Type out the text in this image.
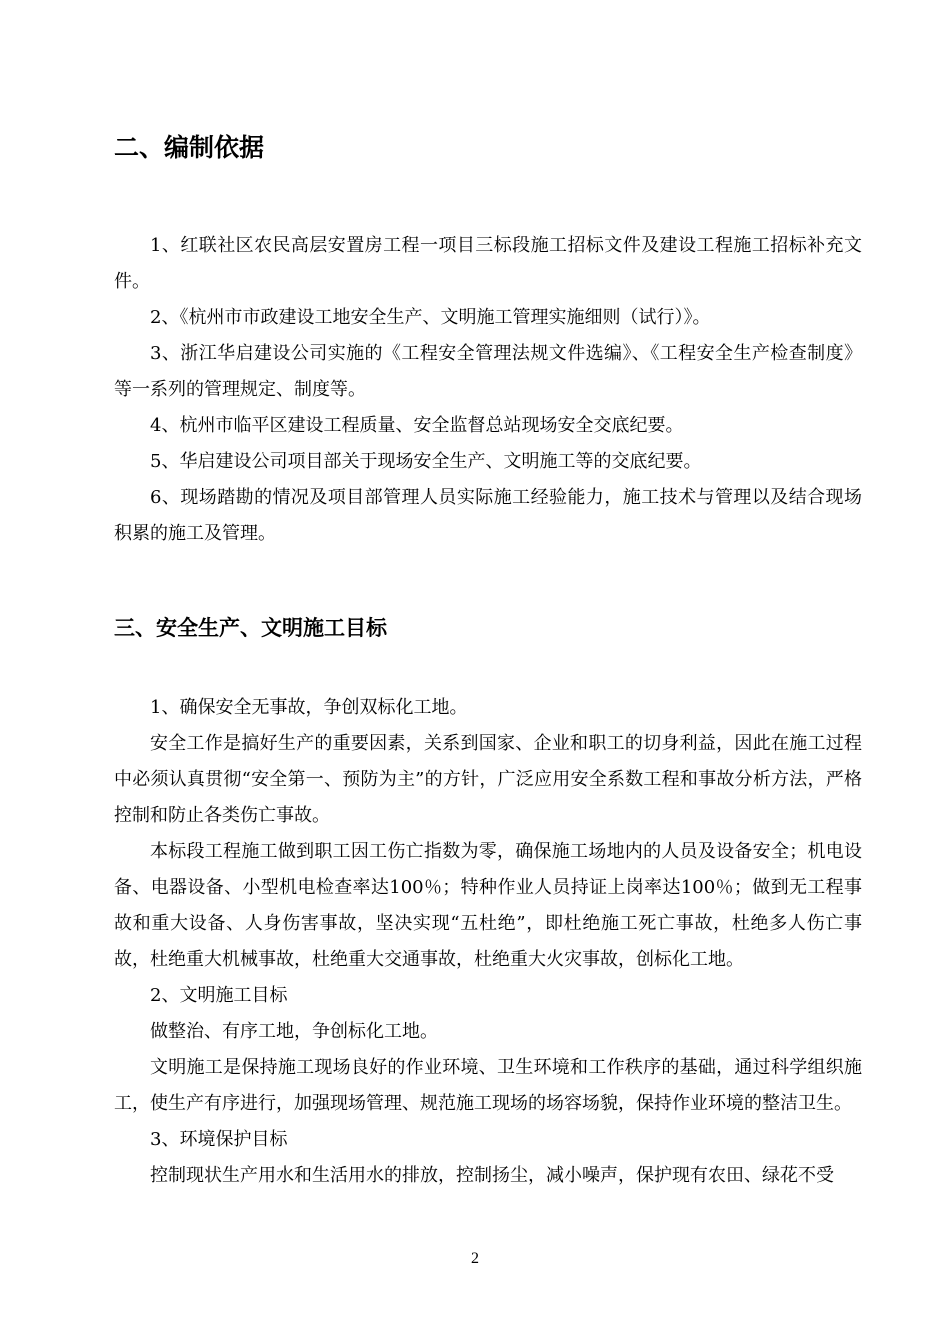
二、编制依据

1、红联社区农民高层安置房工程一项目三标段施工招标文件及建设工程施工招标补充文件。

2、《杭州市市政建设工地安全生产、文明施工管理实施细则（试行）》。

3、浙江华启建设公司实施的《工程安全管理法规文件选编》、《工程安全生产检查制度》等一系列的管理规定、制度等。

4、杭州市临平区建设工程质量、安全监督总站现场安全交底纪要。

5、华启建设公司项目部关于现场安全生产、文明施工等的交底纪要。

6、现场踏勘的情况及项目部管理人员实际施工经验能力，施工技术与管理以及结合现场积累的施工及管理。

三、安全生产、文明施工目标

1、确保安全无事故，争创双标化工地。

安全工作是搞好生产的重要因素，关系到国家、企业和职工的切身利益，因此在施工过程中必须认真贯彻“安全第一、预防为主”的方针，广泛应用安全系数工程和事故分析方法，严格控制和防止各类伤亡事故。

本标段工程施工做到职工因工伤亡指数为零，确保施工场地内的人员及设备安全；机电设备、电器设备、小型机电检查率达100％；特种作业人员持证上岗率达100％；做到无工程事故和重大设备、人身伤害事故，坚决实现“五杜绝”，即杜绝施工死亡事故，杜绝多人伤亡事故，杜绝重大机械事故，杜绝重大交通事故，杜绝重大火灾事故，创标化工地。

2、文明施工目标

做整治、有序工地，争创标化工地。

文明施工是保持施工现场良好的作业环境、卫生环境和工作秩序的基础，通过科学组织施工，使生产有序进行，加强现场管理、规范施工现场的场容场貌，保持作业环境的整洁卫生。

3、环境保护目标

控制现状生产用水和生活用水的排放，控制扬尘，减小噪声，保护现有农田、绿花不受

2
